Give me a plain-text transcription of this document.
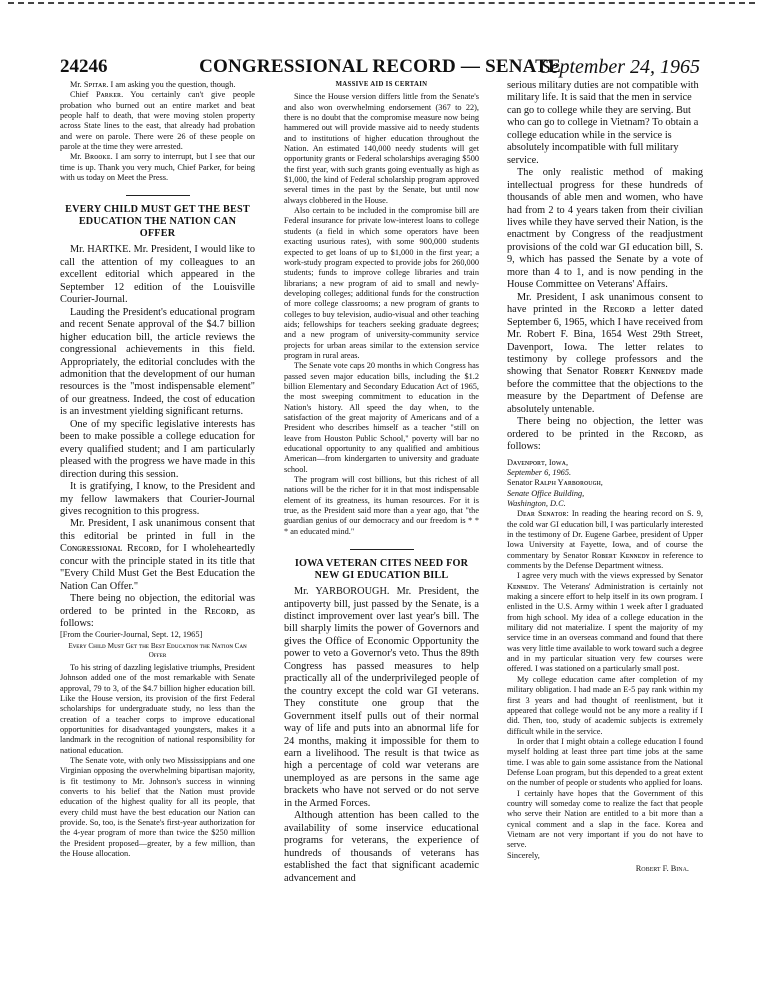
24246	CONGRESSIONAL RECORD — SENATE
September 24, 1965

Mr. Sᴘɪᴛᴀʀ. I am asking you the question, though.

Chief Pᴀʀᴋᴇʀ. You certainly can't give people probation who burned out an entire market and beat people half to death, that were moving stolen property across State lines to the east, that already had probation and were on parole. There were 26 of these people on parole at the time they were arrested.

Mr. Bʀᴏᴏᴋᴇ. I am sorry to interrupt, but I see that our time is up. Thank you very much, Chief Parker, for being with us today on Meet the Press.

EVERY CHILD MUST GET THE BEST EDUCATION THE NATION CAN OFFER

Mr. HARTKE. Mr. President, I would like to call the attention of my colleagues to an excellent editorial which appeared in the September 12 edition of the Louisville Courier-Journal.

Lauding the President's educational program and recent Senate approval of the $4.7 billion higher education bill, the article reviews the congressional achievements in this field. Appropriately, the editorial concludes with the admonition that the development of our human resources is the "most indispensable element" of our greatness. Indeed, the cost of education is an investment yielding significant returns.

One of my specific legislative interests has been to make possible a college education for every qualified student; and I am particularly pleased with the progress we have made in this direction during this session.

It is gratifying, I know, to the President and my fellow lawmakers that Courier-Journal gives recognition to this progress.

Mr. President, I ask unanimous consent that this editorial be printed in full in the Cᴏɴɢʀᴇssɪᴏɴᴀʟ Rᴇᴄᴏʀᴅ, for I wholeheartedly concur with the principle stated in its title that "Every Child Must Get the Best Education the Nation Can Offer."

There being no objection, the editorial was ordered to be printed in the Rᴇᴄᴏʀᴅ, as follows:

[From the Courier-Journal, Sept. 12, 1965]

Eᴠᴇʀʏ Cʜɪʟᴅ Mᴜsᴛ Gᴇᴛ ᴛʜᴇ Bᴇsᴛ Eᴅᴜᴄᴀᴛɪᴏɴ ᴛʜᴇ Nᴀᴛɪᴏɴ Cᴀɴ Oғғᴇʀ

To his string of dazzling legislative triumphs, President Johnson added one of the most remarkable with Senate approval, 79 to 3, of the $4.7 billion higher education bill. Like the House version, its provision of the first Federal scholarships for undergraduate study, no less than the creation of a teacher corps to improve educational opportunities for disadvantaged youngsters, makes it a landmark in the recognition of national responsibility for national education.

The Senate vote, with only two Mississippians and one Virginian opposing the overwhelming bipartisan majority, is fit testimony to Mr. Johnson's success in winning converts to his belief that the Nation must provide education of the highest quality for all its people, that every child must have the best education our Nation can provide. So, too, is the Senate's first-year authorization for the 4-year program of more than twice the $250 million the President proposed—greater, by a few million, than the House allocation.

MASSIVE AID IS CERTAIN

Since the House version differs little from the Senate's and also won overwhelming endorsement (367 to 22), there is no doubt that the compromise measure now being hammered out will provide massive aid to needy students and to institutions of higher education throughout the Nation. An estimated 140,000 needy students will get opportunity grants or Federal scholarships averaging $500 the first year, with such grants going eventually as high as $1,000, the kind of Federal scholarship program approved several times in the past by the Senate, but until now always clobbered in the House.

Also certain to be included in the compromise bill are Federal insurance for private low-interest loans to college students (a field in which some operators have been exacting usurious rates), with some 900,000 students expected to get loans of up to $1,000 in the first year; a work-study program expected to provide jobs for 260,000 students; funds to improve college libraries and train librarians; a new program of aid to small and newly-developing colleges; additional funds for the construction of more college classrooms; a new program of grants to colleges to buy television, audio-visual and other teaching aids; fellowships for teachers seeking graduate degrees; and a new program of university-community service projects for urban areas similar to the extension service program in rural areas.

The Senate vote caps 20 months in which Congress has passed seven major education bills, including the $1.2 billion Elementary and Secondary Education Act of 1965, the most sweeping commitment to education in the Nation's history. All speed the day when, to the satisfaction of the great majority of Americans and of a President who describes himself as a teacher "still on leave from Houston Public School," poverty will bar no educational opportunity to any qualified and ambitious American—from kindergarten to university and graduate school.

The program will cost billions, but this richest of all nations will be the richer for it in that most indispensable element of its greatness, its human resources. For it is true, as the President said more than a year ago, that "the guardian genius of our democracy and our freedom is * * * an educated mind."

IOWA VETERAN CITES NEED FOR NEW GI EDUCATION BILL

Mr. YARBOROUGH. Mr. President, the antipoverty bill, just passed by the Senate, is a distinct improvement over last year's bill. The bill sharply limits the power of Governors and gives the Office of Economic Opportunity the power to veto a Governor's veto. Thus the 89th Congress has passed measures to help practically all of the underprivileged people of the country except the cold war GI veterans. They constitute one group that the Government itself pulls out of their normal way of life and puts into an abnormal life for 24 months, making it impossible for them to earn a livelihood. The result is that twice as high a percentage of cold war veterans are unemployed as are persons in the same age brackets who have not served or do not serve in the Armed Forces.

Although attention has been called to the availability of some inservice educational programs for veterans, the experience of hundreds of thousands of veterans has established the fact that significant academic advancement and

serious military duties are not compatible with military life. It is said that the men in service can go to college while they are serving. But who can go to college in Vietnam? To obtain a college education while in the service is absolutely incompatible with full military service.

The only realistic method of making intellectual progress for these hundreds of thousands of able men and women, who have had from 2 to 4 years taken from their civilian lives while they have served their Nation, is the enactment by Congress of the readjustment provisions of the cold war GI education bill, S. 9, which has passed the Senate by a vote of more than 4 to 1, and is now pending in the House Committee on Veterans' Affairs.

Mr. President, I ask unanimous consent to have printed in the Rᴇᴄᴏʀᴅ a letter dated September 6, 1965, which I have received from Mr. Robert F. Bina, 1654 West 29th Street, Davenport, Iowa. The letter relates to testimony by college professors and the showing that Senator Rᴏʙᴇʀᴛ Kᴇɴɴᴇᴅʏ made before the committee that the objections to the measure by the Department of Defense are absolutely untenable.

There being no objection, the letter was ordered to be printed in the Rᴇᴄᴏʀᴅ, as follows:

Dᴀᴠᴇɴᴘᴏʀᴛ, Iᴏᴡᴀ,

September 6, 1965.

Senator Rᴀʟᴘʜ Yᴀʀʙᴏʀᴏᴜɢʜ,

Senate Office Building,

Washington, D.C.

Dᴇᴀʀ Sᴇɴᴀᴛᴏʀ: In reading the hearing record on S. 9, the cold war GI education bill, I was particularly interested in the testimony of Dr. Eugene Garbee, president of Upper Iowa University at Fayette, Iowa, and of course the commentary by Senator Rᴏʙᴇʀᴛ Kᴇɴɴᴇᴅʏ in reference to comments by the Defense Department witness.

I agree very much with the views expressed by Senator Kᴇɴɴᴇᴅʏ. The Veterans' Administration is certainly not making a sincere effort to help itself in its own program. I enlisted in the U.S. Army within 1 week after I graduated from high school. My idea of a college education in the military did not materialize. I spent the majority of my service time in an overseas command and found that there was very little time available to work toward such a degree and in my particular situation very few courses were offered. I was stationed on a particularly small post.

My college education came after completion of my military obligation. I had made an E-5 pay rank within my first 3 years and had thought of reenlistment, but it appeared that college would not be any more a reality if I did. Then, too, study of academic subjects is extremely difficult while in the service.

In order that I might obtain a college education I found myself holding at least three part time jobs at the same time. I was able to gain some assistance from the National Defense Loan program, but this depended to a great extent on the number of people or students who applied for loans.

I certainly have hopes that the Government of this country will someday come to realize the fact that people who serve their Nation are entitled to a bit more than a cynical comment and a slap in the face. Korea and Vietnam are not very important if you do not have to serve.

Sincerely,

Robert F. Bina.
